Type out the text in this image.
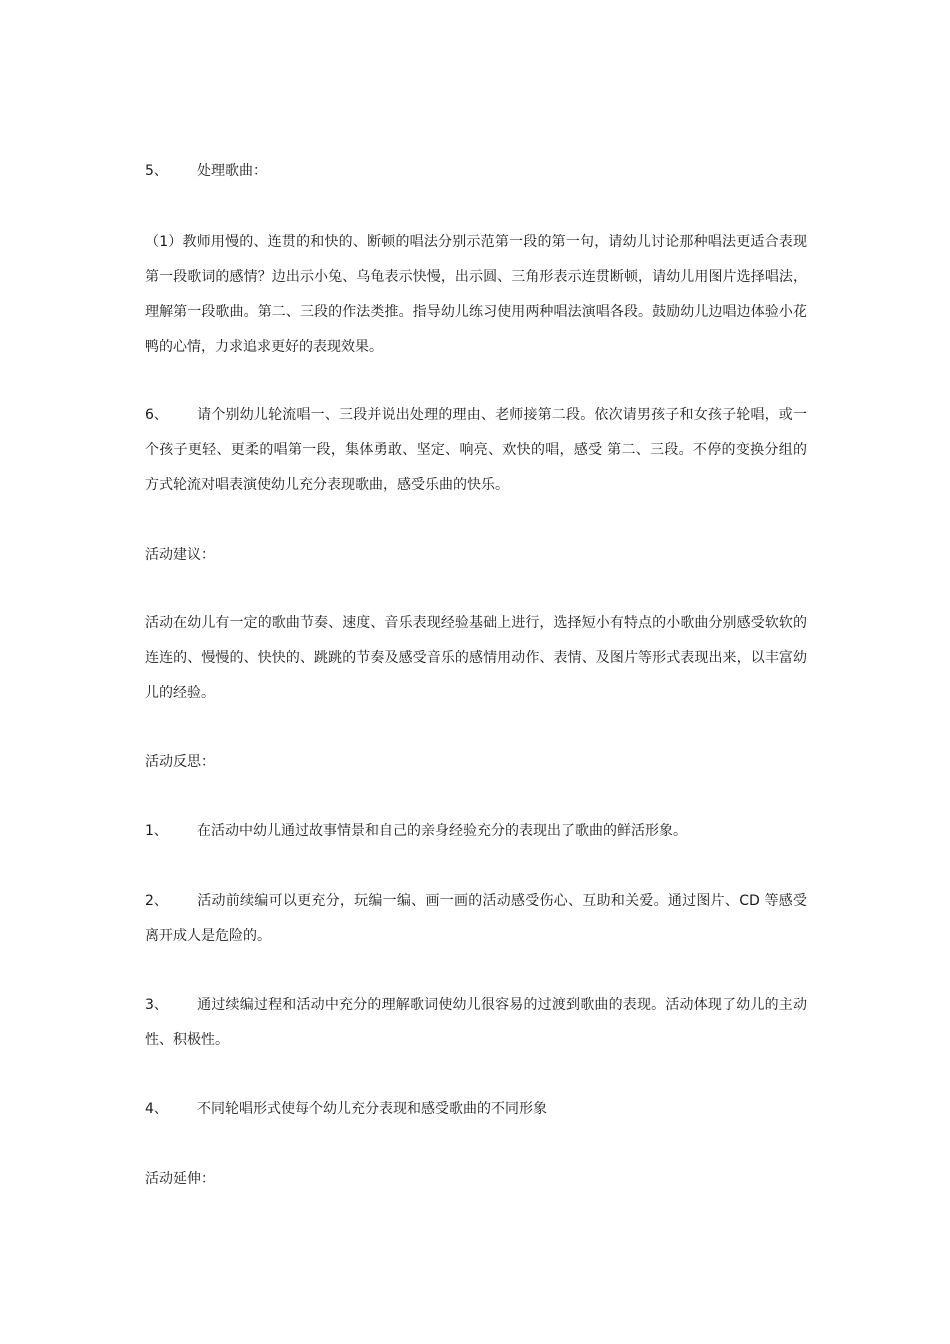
5、 处理歌曲：

（1）教师用慢的、连贯的和快的、断顿的唱法分别示范第一段的第一句，请幼儿讨论那种唱法更适合表现第一段歌词的感情？边出示小兔、乌龟表示快慢，出示圆、三角形表示连贯断顿，请幼儿用图片选择唱法，理解第一段歌曲。第二、三段的作法类推。指导幼儿练习使用两种唱法演唱各段。鼓励幼儿边唱边体验小花鸭的心情，力求追求更好的表现效果。

6、 请个别幼儿轮流唱一、三段并说出处理的理由、老师接第二段。依次请男孩子和女孩子轮唱，或一个孩子更轻、更柔的唱第一段，集体勇敢、坚定、响亮、欢快的唱，感受 第二、三段。不停的变换分组的方式轮流对唱表演使幼儿充分表现歌曲，感受乐曲的快乐。

活动建议：

活动在幼儿有一定的歌曲节奏、速度、音乐表现经验基础上进行，选择短小有特点的小歌曲分别感受软软的连连的、慢慢的、快快的、跳跳的节奏及感受音乐的感情用动作、表情、及图片等形式表现出来，以丰富幼儿的经验。

活动反思：

1、 在活动中幼儿通过故事情景和自己的亲身经验充分的表现出了歌曲的鲜活形象。

2、 活动前续编可以更充分，玩编一编、画一画的活动感受伤心、互助和关爱。通过图片、CD 等感受离开成人是危险的。

3、 通过续编过程和活动中充分的理解歌词使幼儿很容易的过渡到歌曲的表现。活动体现了幼儿的主动性、积极性。

4、 不同轮唱形式使每个幼儿充分表现和感受歌曲的不同形象

活动延伸：
